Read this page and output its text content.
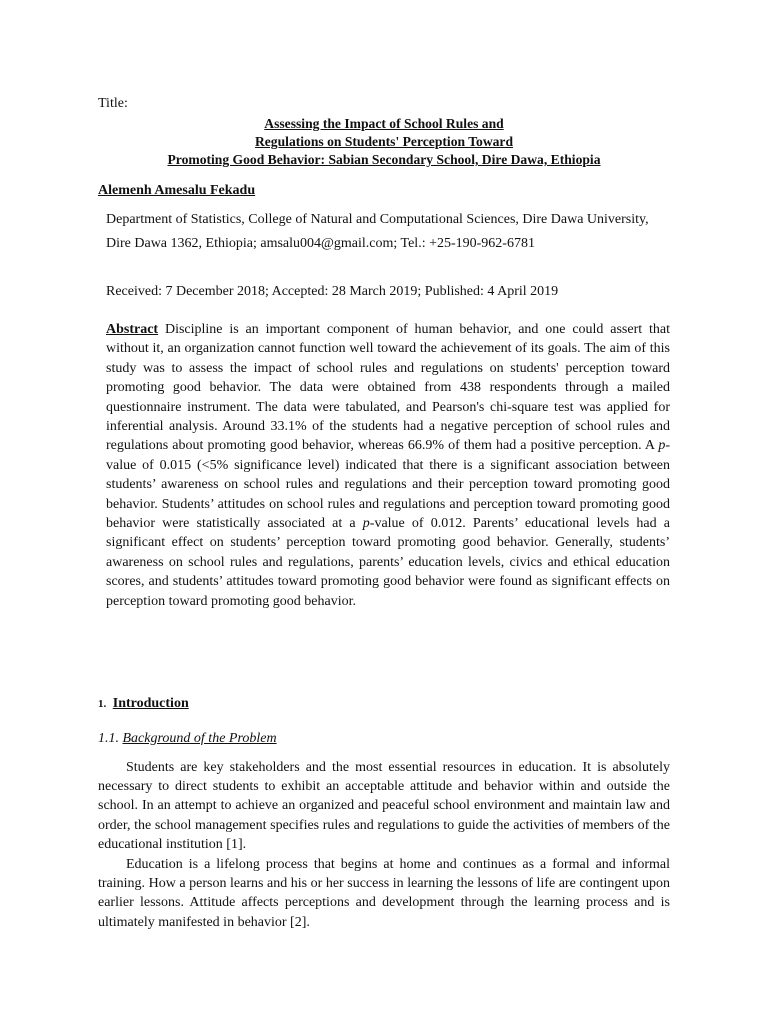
Title:
Assessing the Impact of School Rules and
Regulations on Students' Perception Toward
Promoting Good Behavior: Sabian Secondary School, Dire Dawa, Ethiopia
Alemenh Amesalu Fekadu
Department of Statistics, College of Natural and Computational Sciences, Dire Dawa University,
Dire Dawa 1362, Ethiopia; amsalu004@gmail.com; Tel.: +25-190-962-6781
Received: 7 December 2018; Accepted: 28 March 2019; Published: 4 April 2019
Abstract Discipline is an important component of human behavior, and one could assert that without it, an organization cannot function well toward the achievement of its goals. The aim of this study was to assess the impact of school rules and regulations on students' perception toward promoting good behavior. The data were obtained from 438 respondents through a mailed questionnaire instrument. The data were tabulated, and Pearson's chi-square test was applied for inferential analysis. Around 33.1% of the students had a negative perception of school rules and regulations about promoting good behavior, whereas 66.9% of them had a positive perception. A p-value of 0.015 (<5% significance level) indicated that there is a significant association between students’ awareness on school rules and regulations and their perception toward promoting good behavior. Students’ attitudes on school rules and regulations and perception toward promoting good behavior were statistically associated at a p-value of 0.012. Parents’ educational levels had a significant effect on students’ perception toward promoting good behavior. Generally, students’ awareness on school rules and regulations, parents’ education levels, civics and ethical education scores, and students’ attitudes toward promoting good behavior were found as significant effects on perception toward promoting good behavior.
1. Introduction
1.1. Background of the Problem

Students are key stakeholders and the most essential resources in education. It is absolutely necessary to direct students to exhibit an acceptable attitude and behavior within and outside the school. In an attempt to achieve an organized and peaceful school environment and maintain law and order, the school management specifies rules and regulations to guide the activities of members of the educational institution [1].

Education is a lifelong process that begins at home and continues as a formal and informal training. How a person learns and his or her success in learning the lessons of life are contingent upon earlier lessons. Attitude affects perceptions and development through the learning process and is ultimately manifested in behavior [2].
